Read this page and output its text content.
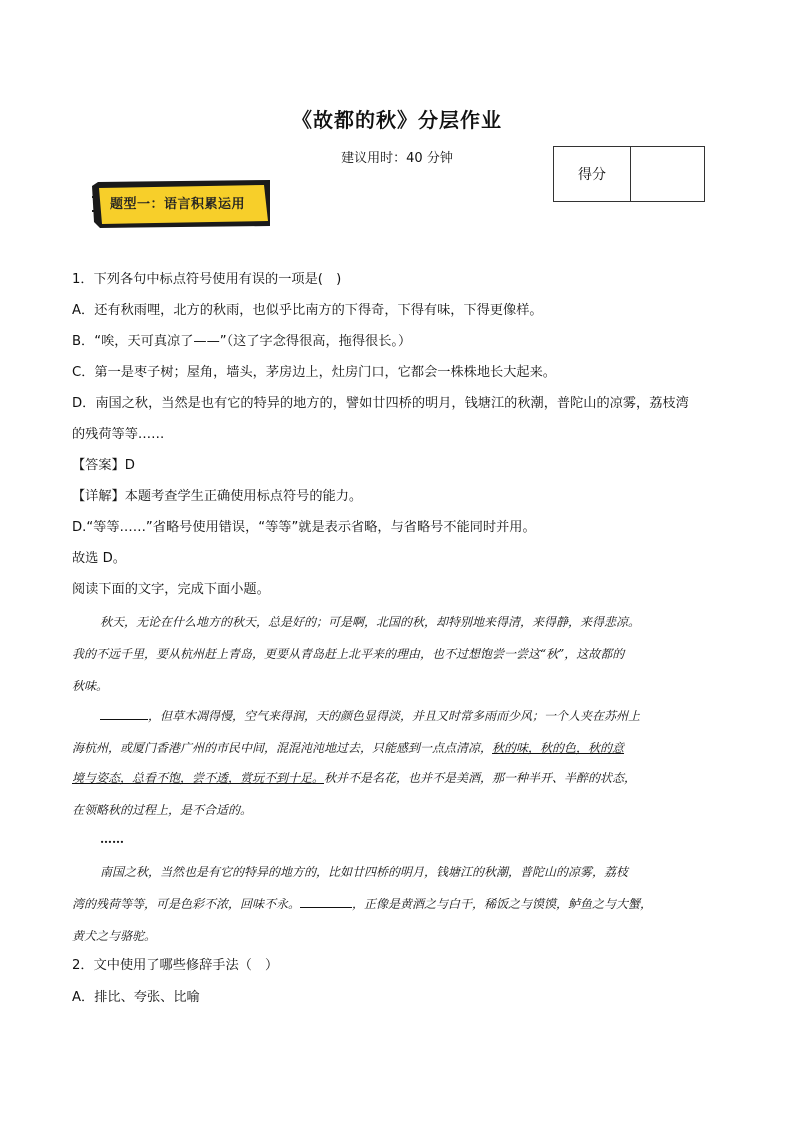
《故都的秋》分层作业
建议用时：40 分钟
得分
题型一：语言积累运用
1．下列各句中标点符号使用有误的一项是(　)
A．还有秋雨哩，北方的秋雨，也似乎比南方的下得奇，下得有味，下得更像样。
B．“唉，天可真凉了——”（这了字念得很高，拖得很长。）
C．第一是枣子树；屋角，墙头，茅房边上，灶房门口，它都会一株株地长大起来。
D．南国之秋，当然是也有它的特异的地方的，譬如廿四桥的明月，钱塘江的秋潮，普陀山的凉雾，荔枝湾
的残荷等等……
【答案】D
【详解】本题考查学生正确使用标点符号的能力。
D.“等等……”省略号使用错误，“等等”就是表示省略，与省略号不能同时并用。
故选 D。
阅读下面的文字，完成下面小题。
秋天，无论在什么地方的秋天，总是好的；可是啊，北国的秋，却特别地来得清，来得静，来得悲凉。
我的不远千里，要从杭州赶上青岛，更要从青岛赶上北平来的理由，也不过想饱尝一尝这“秋”，这故都的
秋味。
，但草木凋得慢，空气来得润，天的颜色显得淡，并且又时常多雨而少风；一个人夹在苏州上
海杭州，或厦门香港广州的市民中间，混混沌沌地过去，只能感到一点点清凉，秋的味，秋的色，秋的意
境与姿态，总看不饱，尝不透，赏玩不到十足。秋并不是名花，也并不是美酒，那一种半开、半醉的状态，
在领略秋的过程上，是不合适的。
……
南国之秋，当然也是有它的特异的地方的，比如廿四桥的明月，钱塘江的秋潮，普陀山的凉雾，荔枝
湾的残荷等等，可是色彩不浓，回味不永。	，正像是黄酒之与白干，稀饭之与馍馍，鲈鱼之与大蟹，
黄犬之与骆驼。
2．文中使用了哪些修辞手法（　）
A．排比、夸张、比喻
